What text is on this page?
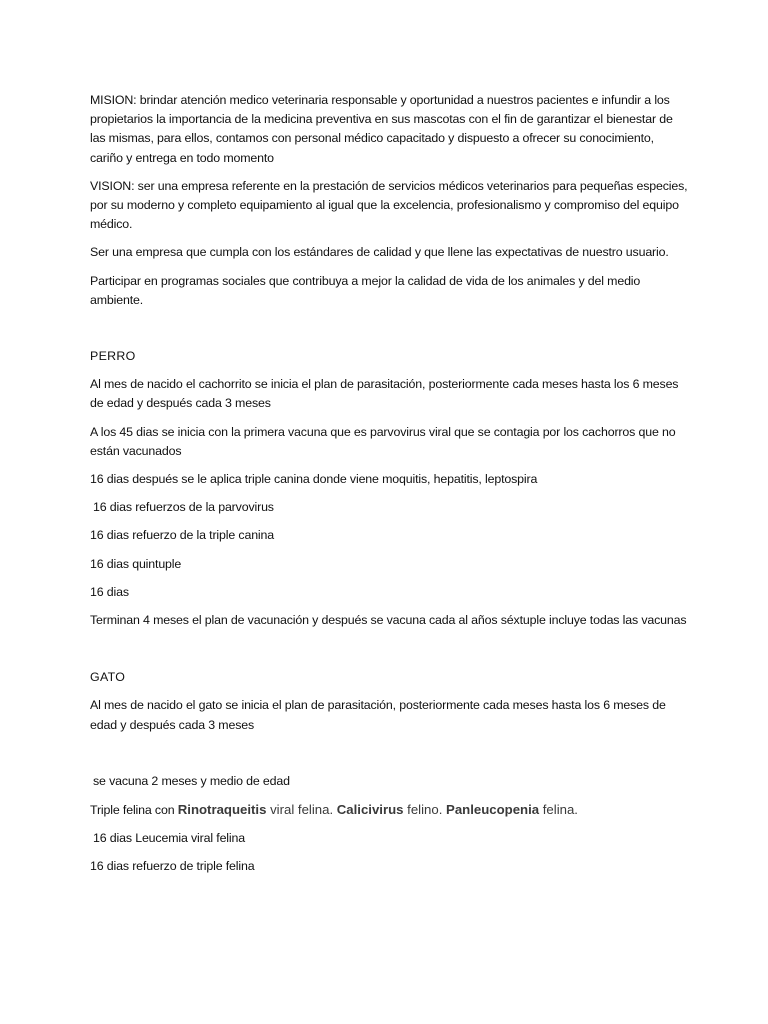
MISION: brindar atención medico veterinaria responsable y oportunidad a nuestros pacientes e infundir a los propietarios la importancia de la medicina preventiva en sus mascotas con el fin de garantizar el bienestar de las mismas, para ellos, contamos con personal médico capacitado y dispuesto a ofrecer su conocimiento, cariño y entrega en todo momento

VISION: ser una empresa referente en la prestación de servicios médicos veterinarios para pequeñas especies, por su moderno y completo equipamiento al igual que la excelencia, profesionalismo y compromiso del equipo médico.

Ser una empresa que cumpla con los estándares de calidad y que llene las expectativas de nuestro usuario.

Participar en programas sociales que contribuya a mejor la calidad de vida de los animales y del medio ambiente.

PERRO

Al mes de nacido el cachorrito se inicia el plan de parasitación, posteriormente cada meses hasta los 6 meses de edad y después cada 3 meses

A los 45 dias se inicia con la primera vacuna que es parvovirus viral que se contagia por los cachorros que no están vacunados

16 dias después se le aplica triple canina donde viene moquitis, hepatitis, leptospira

16 dias refuerzos de la parvovirus

16 dias refuerzo de la triple canina

16 dias quintuple

16 dias

Terminan 4 meses el plan de vacunación y después se vacuna cada al años séxtuple incluye todas las vacunas

GATO

Al mes de nacido el gato se inicia el plan de parasitación, posteriormente cada meses hasta los 6 meses de edad y después cada 3 meses

se vacuna 2 meses y medio de edad

Triple felina con Rinotraqueitis viral felina. Calicivirus felino. Panleucopenia felina.

16 dias Leucemia viral felina

16 dias refuerzo de triple felina
